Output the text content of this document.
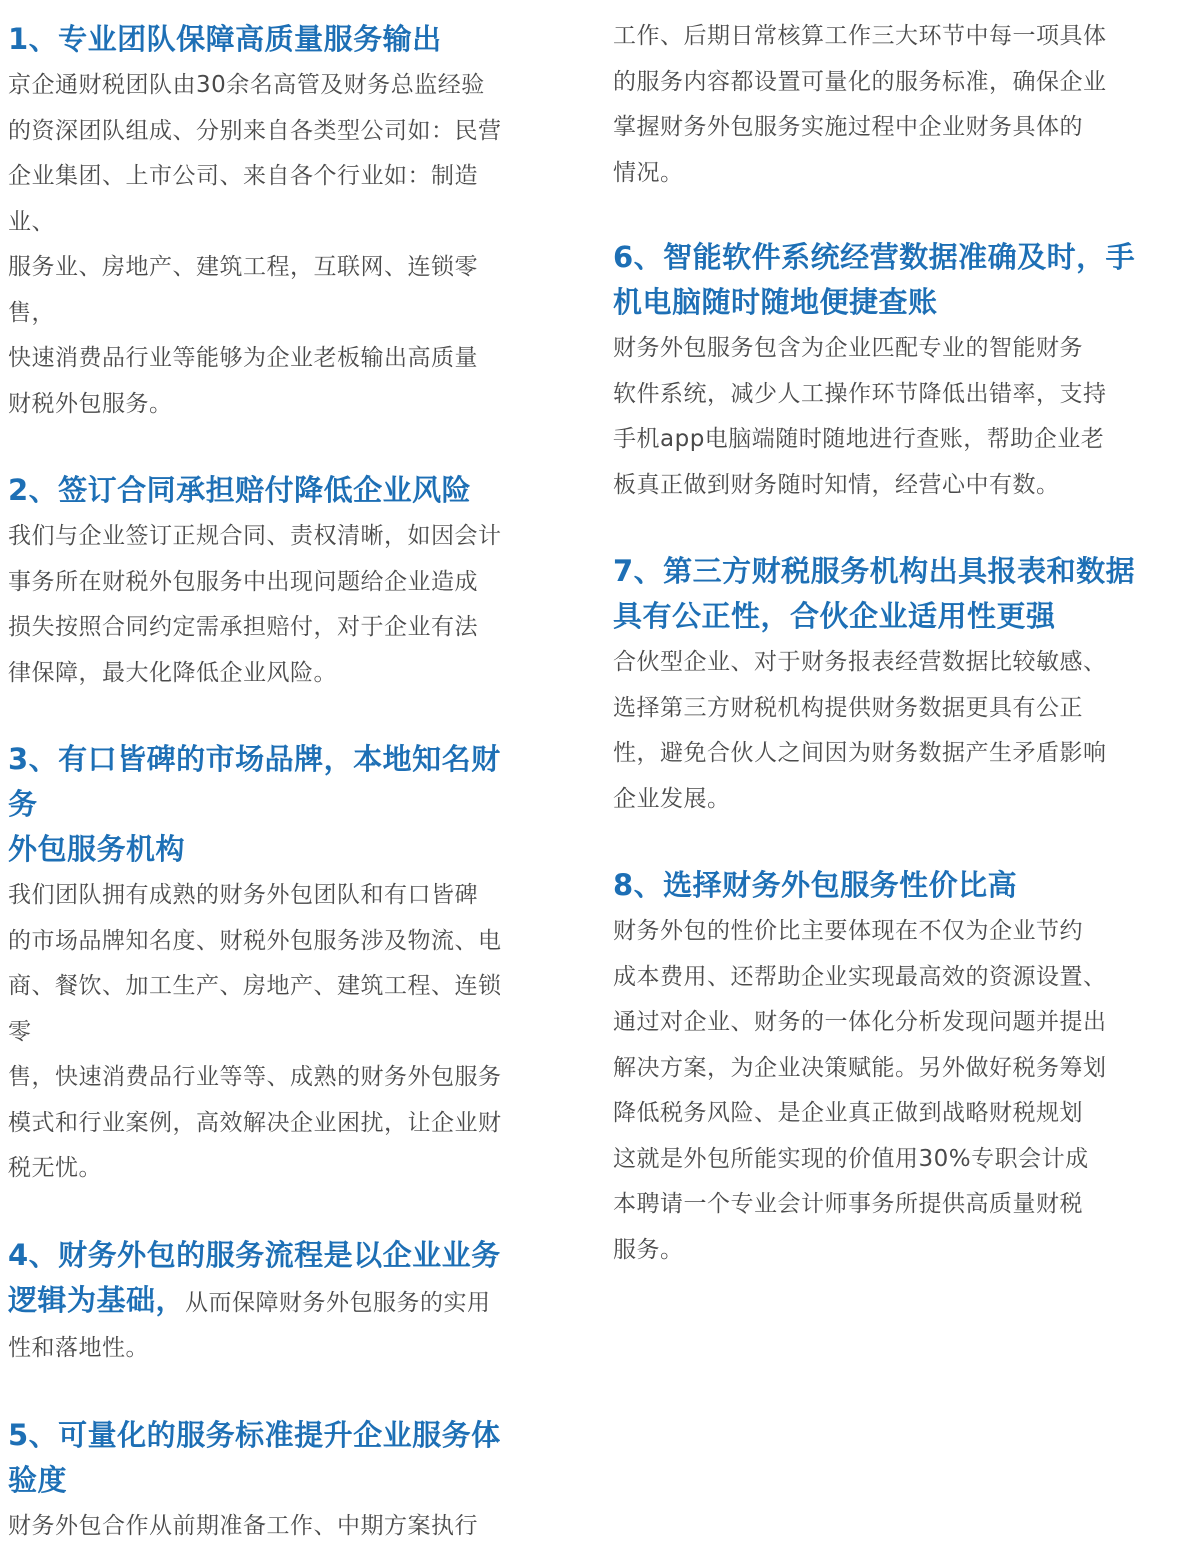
1、专业团队保障高质量服务输出

京企通财税团队由30余名高管及财务总监经验
的资深团队组成、分别来自各类型公司如：民营
企业集团、上市公司、来自各个行业如：制造业、
服务业、房地产、建筑工程，互联网、连锁零售，
快速消费品行业等能够为企业老板输出高质量
财税外包服务。

2、签订合同承担赔付降低企业风险

我们与企业签订正规合同、责权清晰，如因会计
事务所在财税外包服务中出现问题给企业造成
损失按照合同约定需承担赔付，对于企业有法
律保障，最大化降低企业风险。

3、有口皆碑的市场品牌，本地知名财务
外包服务机构

我们团队拥有成熟的财务外包团队和有口皆碑
的市场品牌知名度、财税外包服务涉及物流、电
商、餐饮、加工生产、房地产、建筑工程、连锁零
售，快速消费品行业等等、成熟的财务外包服务
模式和行业案例，高效解决企业困扰，让企业财
税无忧。

4、财务外包的服务流程是以企业业务

逻辑为基础，从而保障财务外包服务的实用

性和落地性。

5、可量化的服务标准提升企业服务体
验度

财务外包合作从前期准备工作、中期方案执行

工作、后期日常核算工作三大环节中每一项具体
的服务内容都设置可量化的服务标准，确保企业
掌握财务外包服务实施过程中企业财务具体的
情况。

6、智能软件系统经营数据准确及时，手
机电脑随时随地便捷查账

财务外包服务包含为企业匹配专业的智能财务
软件系统，减少人工操作环节降低出错率，支持
手机app电脑端随时随地进行查账，帮助企业老
板真正做到财务随时知情，经营心中有数。

7、第三方财税服务机构出具报表和数据
具有公正性，合伙企业适用性更强

合伙型企业、对于财务报表经营数据比较敏感、
选择第三方财税机构提供财务数据更具有公正
性，避免合伙人之间因为财务数据产生矛盾影响
企业发展。

8、选择财务外包服务性价比高

财务外包的性价比主要体现在不仅为企业节约
成本费用、还帮助企业实现最高效的资源设置、
通过对企业、财务的一体化分析发现问题并提出
解决方案，为企业决策赋能。另外做好税务筹划
降低税务风险、是企业真正做到战略财税规划
这就是外包所能实现的价值用30%专职会计成
本聘请一个专业会计师事务所提供高质量财税
服务。
